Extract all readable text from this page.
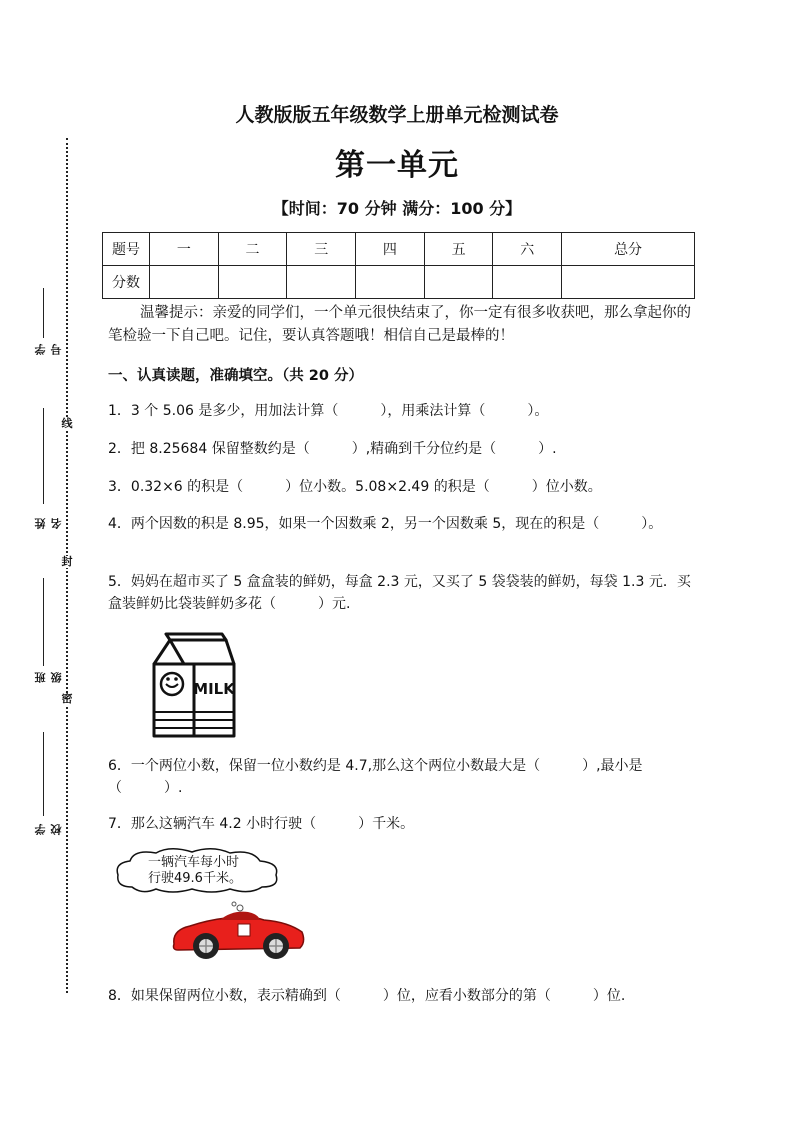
线
封
密
学号
姓名
班级
学校
人教版版五年级数学上册单元检测试卷
第一单元
【时间：70 分钟 满分：100 分】
题号	一	二	三	四	五	六	总分
分数							
温馨提示：亲爱的同学们，一个单元很快结束了，你一定有很多收获吧，那么拿起你的笔检验一下自己吧。记住，要认真答题哦！相信自己是最棒的！
一、认真读题，准确填空。（共 20 分）
1．3 个 5.06 是多少，用加法计算（　　　），用乘法计算（　　　）。
2．把 8.25684 保留整数约是（　　　）,精确到千分位约是（　　　）.
3．0.32×6 的积是（　　　）位小数。5.08×2.49 的积是（　　　）位小数。
4．两个因数的积是 8.95，如果一个因数乘 2，另一个因数乘 5，现在的积是（　　　）。
5．妈妈在超市买了 5 盒盒装的鲜奶，每盒 2.3 元，又买了 5 袋袋装的鲜奶，每袋 1.3 元．买盒装鲜奶比袋装鲜奶多花（　　　）元.
MILK
6．一个两位小数，保留一位小数约是 4.7,那么这个两位小数最大是（　　　）,最小是（　　　）.
7．那么这辆汽车 4.2 小时行驶（　　　）千米。
一辆汽车每小时
行驶49.6千米。
8．如果保留两位小数，表示精确到（　　　）位，应看小数部分的第（　　　）位.
